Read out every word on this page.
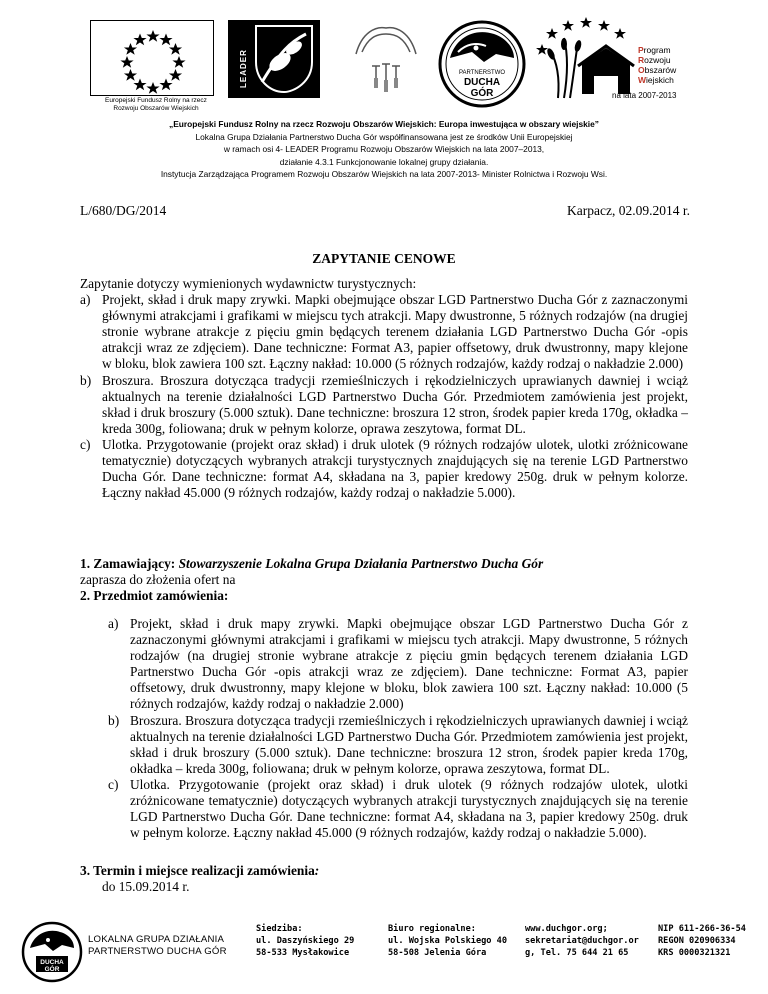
Europejski Fundusz Rolny na rzecz
Rozwoju Obszarów Wiejskich
LEADER	PARTNERSTWO
DUCHA
GÓR
Program
Rozwoju
Obszarów
Wiejskich
na lata 2007-2013
„Europejski Fundusz Rolny na rzecz Rozwoju Obszarów Wiejskich: Europa inwestująca w obszary wiejskie”
Lokalna Grupa Działania Partnerstwo Ducha Gór współfinansowana jest ze środków Unii Europejskiej
w ramach osi 4- LEADER Programu Rozwoju Obszarów Wiejskich na lata 2007–2013,
działanie 4.3.1 Funkcjonowanie lokalnej grupy działania.
Instytucja Zarządzająca Programem Rozwoju Obszarów Wiejskich na lata 2007-2013- Minister Rolnictwa i Rozwoju Wsi.
L/680/DG/2014	Karpacz, 02.09.2014 r.
ZAPYTANIE CENOWE
Zapytanie dotyczy wymienionych wydawnictw turystycznych:
a) Projekt, skład i druk mapy zrywki. Mapki obejmujące obszar LGD Partnerstwo Ducha Gór z zaznaczonymi głównymi atrakcjami i grafikami w miejscu tych atrakcji. Mapy dwustronne, 5 różnych rodzajów (na drugiej stronie wybrane atrakcje z pięciu gmin będących terenem działania LGD Partnerstwo Ducha Gór -opis atrakcji wraz ze zdjęciem). Dane techniczne: Format A3, papier offsetowy, druk dwustronny, mapy klejone w bloku, blok zawiera 100 szt. Łączny nakład: 10.000 (5 różnych rodzajów, każdy rodzaj o nakładzie 2.000)
b) Broszura. Broszura dotycząca tradycji rzemieślniczych i rękodzielniczych uprawianych dawniej i wciąż aktualnych na terenie działalności LGD Partnerstwo Ducha Gór. Przedmiotem zamówienia jest projekt, skład i druk broszury (5.000 sztuk). Dane techniczne: broszura 12 stron, środek papier kreda 170g, okładka – kreda 300g, foliowana; druk w pełnym kolorze, oprawa zeszytowa, format DL.
c) Ulotka. Przygotowanie (projekt oraz skład) i druk ulotek (9 różnych rodzajów ulotek, ulotki zróżnicowane tematycznie) dotyczących wybranych atrakcji turystycznych znajdujących się na terenie LGD Partnerstwo Ducha Gór. Dane techniczne: format A4, składana na 3, papier kredowy 250g. druk w pełnym kolorze. Łączny nakład 45.000 (9 różnych rodzajów, każdy rodzaj o nakładzie 5.000).
1. Zamawiający: Stowarzyszenie Lokalna Grupa Działania Partnerstwo Ducha Gór
zaprasza do złożenia ofert na
2. Przedmiot zamówienia:
a) Projekt, skład i druk mapy zrywki. Mapki obejmujące obszar LGD Partnerstwo Ducha Gór z zaznaczonymi głównymi atrakcjami i grafikami w miejscu tych atrakcji. Mapy dwustronne, 5 różnych rodzajów (na drugiej stronie wybrane atrakcje z pięciu gmin będących terenem działania LGD Partnerstwo Ducha Gór -opis atrakcji wraz ze zdjęciem). Dane techniczne: Format A3, papier offsetowy, druk dwustronny, mapy klejone w bloku, blok zawiera 100 szt. Łączny nakład: 10.000 (5 różnych rodzajów, każdy rodzaj o nakładzie 2.000)
b) Broszura. Broszura dotycząca tradycji rzemieślniczych i rękodzielniczych uprawianych dawniej i wciąż aktualnych na terenie działalności LGD Partnerstwo Ducha Gór. Przedmiotem zamówienia jest projekt, skład i druk broszury (5.000 sztuk). Dane techniczne: broszura 12 stron, środek papier kreda 170g, okładka – kreda 300g, foliowana; druk w pełnym kolorze, oprawa zeszytowa, format DL.
c) Ulotka. Przygotowanie (projekt oraz skład) i druk ulotek (9 różnych rodzajów ulotek, ulotki zróżnicowane tematycznie) dotyczących wybranych atrakcji turystycznych znajdujących się na terenie LGD Partnerstwo Ducha Gór. Dane techniczne: format A4, składana na 3, papier kredowy 250g. druk w pełnym kolorze. Łączny nakład 45.000 (9 różnych rodzajów, każdy rodzaj o nakładzie 5.000).
3. Termin i miejsce realizacji zamówienia:
do 15.09.2014 r.
DUCHA
GÓR
LOKALNA GRUPA DZIAŁANIA
PARTNERSTWO DUCHA GÓR
Siedziba:
ul. Daszyńskiego 29
58-533 Mysłakowice
Biuro regionalne:
ul. Wojska Polskiego 40
58-508 Jelenia Góra
www.duchgor.org;
sekretariat@duchgor.or
g, Tel. 75 644 21 65
NIP 611-266-36-54
REGON 020906334
KRS 0000321321
